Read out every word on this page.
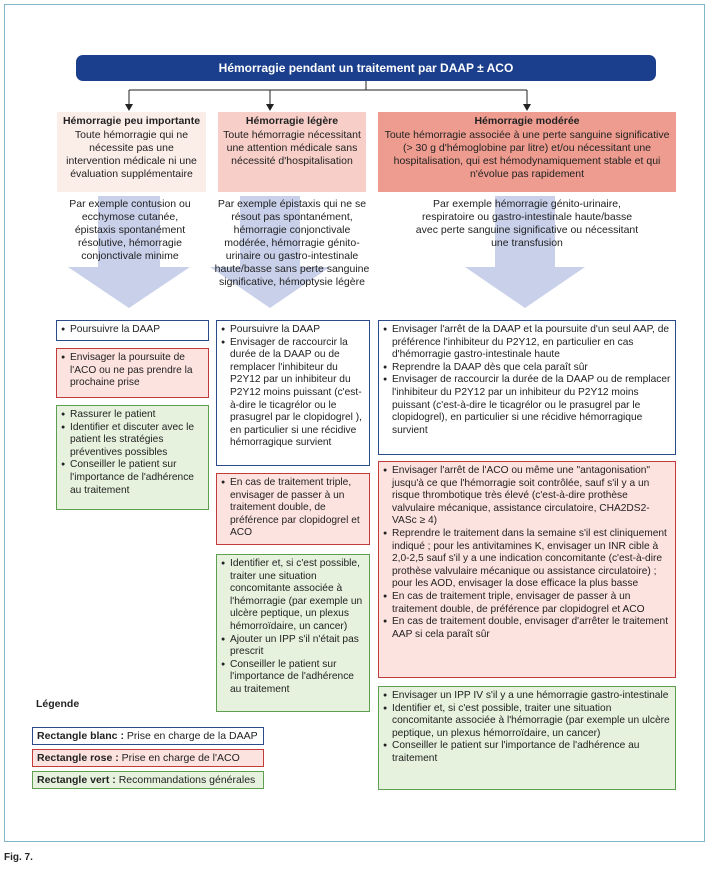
Hémorragie pendant un traitement par DAAP ± ACO
Hémorragie peu importante
Toute hémorragie qui ne nécessite pas une intervention médicale ni une évaluation supplémentaire
Hémorragie légère
Toute hémorragie nécessitant une attention médicale sans nécessité d'hospitalisation
Hémorragie modérée
Toute hémorragie associée à une perte sanguine significative (> 30 g d'hémoglobine par litre) et/ou nécessitant une hospitalisation, qui est hémodynamiquement stable et qui n'évolue pas rapidement
Par exemple contusion ou ecchymose cutanée, épistaxis spontanément résolutive, hémorragie conjonctivale minime
Par exemple épistaxis qui ne se résout pas spontanément, hémorragie conjonctivale modérée, hémorragie génito-urinaire ou gastro-intestinale haute/basse sans perte sanguine significative, hémoptysie légère
Par exemple hémorragie génito-urinaire, respiratoire ou gastro-intestinale haute/basse avec perte sanguine significative ou nécessitant une transfusion
● Poursuivre la DAAP
● Envisager la poursuite de l'ACO ou ne pas prendre la prochaine prise
● Rassurer le patient
● Identifier et discuter avec le patient les stratégies préventives possibles
● Conseiller le patient sur l'importance de l'adhérence au traitement
● Poursuivre la DAAP
● Envisager de raccourcir la durée de la DAAP ou de remplacer l'inhibiteur du P2Y12 par un inhibiteur du P2Y12 moins puissant (c'est-à-dire le ticagrélor ou le prasugrel par le clopidogrel ), en particulier si une récidive hémorragique survient
● En cas de traitement triple, envisager de passer à un traitement double, de préférence par clopidogrel et ACO
● Identifier et, si c'est possible, traiter une situation concomitante associée à l'hémorragie (par exemple un ulcère peptique, un plexus hémorroïdaire, un cancer)
● Ajouter un IPP s'il n'était pas prescrit
● Conseiller le patient sur l'importance de l'adhérence au traitement
● Envisager l'arrêt de la DAAP et la poursuite d'un seul AAP, de préférence l'inhibiteur du P2Y12, en particulier en cas d'hémorragie gastro-intestinale haute
● Reprendre la DAAP dès que cela paraît sûr
● Envisager de raccourcir la durée de la DAAP ou de remplacer l'inhibiteur du P2Y12 par un inhibiteur du P2Y12 moins puissant (c'est-à-dire le ticagrélor ou le prasugrel par le clopidogrel), en particulier si une récidive hémorragique survient
● Envisager l'arrêt de l'ACO ou même une "antagonisation" jusqu'à ce que l'hémorragie soit contrôlée, sauf s'il y a un risque thrombotique très élevé (c'est-à-dire prothèse valvulaire mécanique, assistance circulatoire, CHA2DS2-VASc ≥ 4)
● Reprendre le traitement dans la semaine s'il est cliniquement indiqué ; pour les antivitamines K, envisager un INR cible à 2,0-2,5 sauf s'il y a une indication concomitante (c'est-à-dire prothèse valvulaire mécanique ou assistance circulatoire) ; pour les AOD, envisager la dose efficace la plus basse
● En cas de traitement triple, envisager de passer à un traitement double, de préférence par clopidogrel et ACO
● En cas de traitement double, envisager d'arrêter le traitement AAP si cela paraît sûr
● Envisager un IPP IV s'il y a une hémorragie gastro-intestinale
● Identifier et, si c'est possible, traiter une situation concomitante associée à l'hémorragie (par exemple un ulcère peptique, un plexus hémorroïdaire, un cancer)
● Conseiller le patient sur l'importance de l'adhérence au traitement
Légende
Rectangle blanc : Prise en charge de la DAAP
Rectangle rose : Prise en charge de l'ACO
Rectangle vert : Recommandations générales
Fig. 7.
